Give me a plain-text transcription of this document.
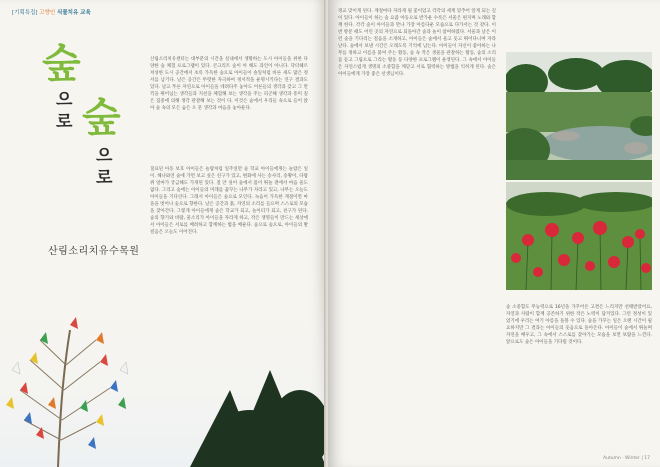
[기획특집] 고향인 식물치유 교육
숲
으
로 숲
으
로
산림소리치유수목원
산림소리치유센터는 대부분의 시간을 실내에서 생활하는 도시 아이들을 위한 다양한 숲 체험 프로그램이 있다. 콘크리트 숲이 아 해도 과언이 아니다. 닥터헤르 쳐성한 도시 공간에서 초록 가득한 숲으로 아이들이 솔잎처럼 바른 새도 많은 정서를 남기다. 날은 공간은 뚜렷한 자극하여 정서적을 운명시키다는 연구 결과도 있다. 날고 푸른 자연으로 아이들을 데려다주 놓아도 어른들의 생각과 갖고 그 만끽을 뛰어넘는 생각들과 지친을 체험해 보는 생각을 주는 피곤해 생각과 흥미 깊은 집중에 의해 생각 관찰해 보는 것이 다. 이것은 숲에서 우리들 속으로 들어 앉아 숲 속의 모든 숨은 오 문 생각과 마음을 놓아둔다.
칠표된 아동 보호 아이들은 놀람처럼 일주일만 숲 학교 아이들에게는 놀랍은 일이. 해나와연 숲에 가면 보고 싶은 친구가 있고, 변화에 사는 송사리, 송황이, 다람쥐 얼마가 궁금해도 가게된 있다. 칠 안 싶어 숲에서 몸이 뛰놀 곁에서 마음 울도 없다. 그리고 숲에는 아이들의 미래를 꿈꾸는 나무가 자라고 있고, 나무는 오늘도 아이들을 기다린다. 그래서 아이들은 숲으로 모인다. 녹음이 가득한 계절이면 마을을 벗어나 숲으로 향한다. 날은 공간과 흙, 자연의 소리를 들으며 스스로의 모습을 찾아간다. 그렇게 아이들에게 숲은 학교가 되고, 놀이터가 되고, 친구가 된다. 숲의 향기와 바람, 물소리가 아이들을 자라게 하고, 작은 생명들이 만드는 세상에서 아이들은 서로를 배려하고 함께하는 법을 배운다. 숲으로 숲으로, 아이들의 발걸음은 오늘도 이어진다.
정교 맞이게 된다. 계절마다 자라게 될 꽃이었고 각각의 세계 맞추어 알게 되는 길이 있다. 아이들이 하는 숲 요즘 아동으로 반가운 수록은 서울은 편지며 노래와 함께 한다. 각각 숲이 아이들과 만나 가장 아름다운 모습으로 다가서는 것 같다. 이번 방문 때도 어린 곳의 자연으로 되돌아간 숲과 놀이 참여하였다. 서울과 날은 이런 숲을 기다리는 걸음을 소개하고, 아이들은 숲에서 울고 웃고 뛰어다니며 자라난다. 숲에서 보낸 시간은 오래도록 기억에 남는다. 아이들이 자신이 좋아하는 나무를 정하고 이름을 붙여 주는 활동, 숲 속 작은 생물을 관찰하는 활동, 숲의 소리를 듣고 그림으로 그리는 활동 등 다양한 프로그램이 운영된다. 그 속에서 아이들은 자연스럽게 생명의 소중함을 깨닫고 서로 협력하는 방법을 익히게 된다. 숲은 아이들에게 가장 좋은 선생님이다.
숲 소중함도 무능력으로 16년을 가꾸어온 고결은 느리지만 선태받았어요, 자연과 사람이 함께 공존하기 위한 작은 노력이 담겨있다. 그런 정성이 있었기에 우리는 여기 아름을 돌볼 수 있다. 숲을 가꾸는 일은 오랜 시간이 필요하지만 그 결과는 아이들의 웃음으로 돌아온다. 아이들이 숲에서 뛰놀며 자연을 배우고, 그 속에서 스스로를 찾아가는 모습을 보면 보람을 느낀다. 앞으로도 숲은 아이들을 기다릴 것이다.
Autumn · Winter | 17
